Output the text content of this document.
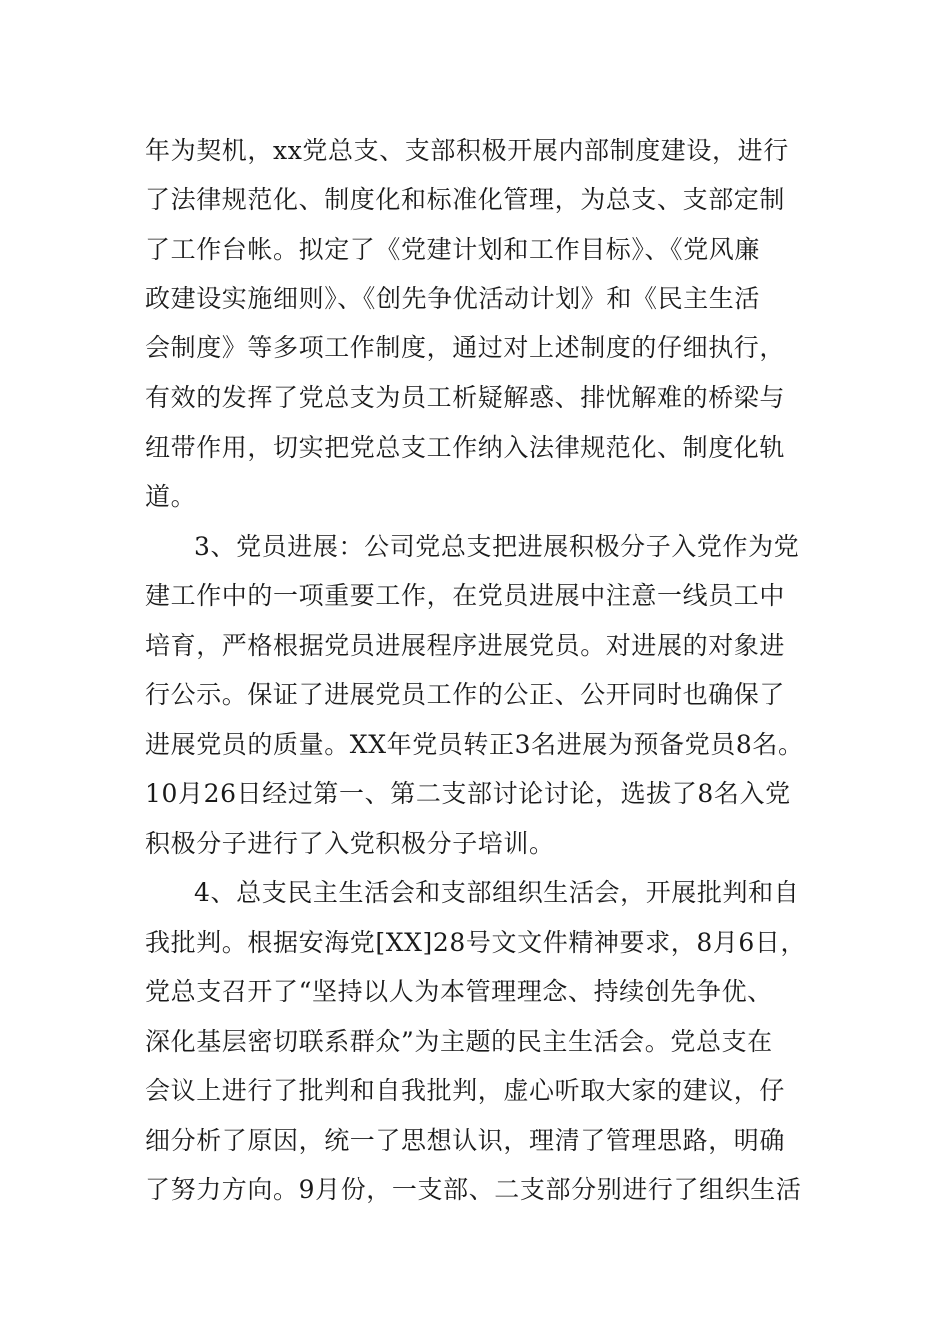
年为契机，xx党总支、支部积极开展内部制度建设，进行
了法律规范化、制度化和标准化管理，为总支、支部定制
了工作台帐。拟定了《党建计划和工作目标》、《党风廉
政建设实施细则》、《创先争优活动计划》和《民主生活
会制度》等多项工作制度，通过对上述制度的仔细执行，
有效的发挥了党总支为员工析疑解惑、排忧解难的桥梁与
纽带作用，切实把党总支工作纳入法律规范化、制度化轨
道。
3、党员进展：公司党总支把进展积极分子入党作为党
建工作中的一项重要工作，在党员进展中注意一线员工中
培育，严格根据党员进展程序进展党员。对进展的对象进
行公示。保证了进展党员工作的公正、公开同时也确保了
进展党员的质量。XX年党员转正3名进展为预备党员8名。
10月26日经过第一、第二支部讨论讨论，选拔了8名入党
积极分子进行了入党积极分子培训。
4、总支民主生活会和支部组织生活会，开展批判和自
我批判。根据安海党[XX]28号文文件精神要求，8月6日，
党总支召开了“坚持以人为本管理理念、持续创先争优、
深化基层密切联系群众”为主题的民主生活会。党总支在
会议上进行了批判和自我批判，虚心听取大家的建议，仔
细分析了原因，统一了思想认识，理清了管理思路，明确
了努力方向。9月份，一支部、二支部分别进行了组织生活
